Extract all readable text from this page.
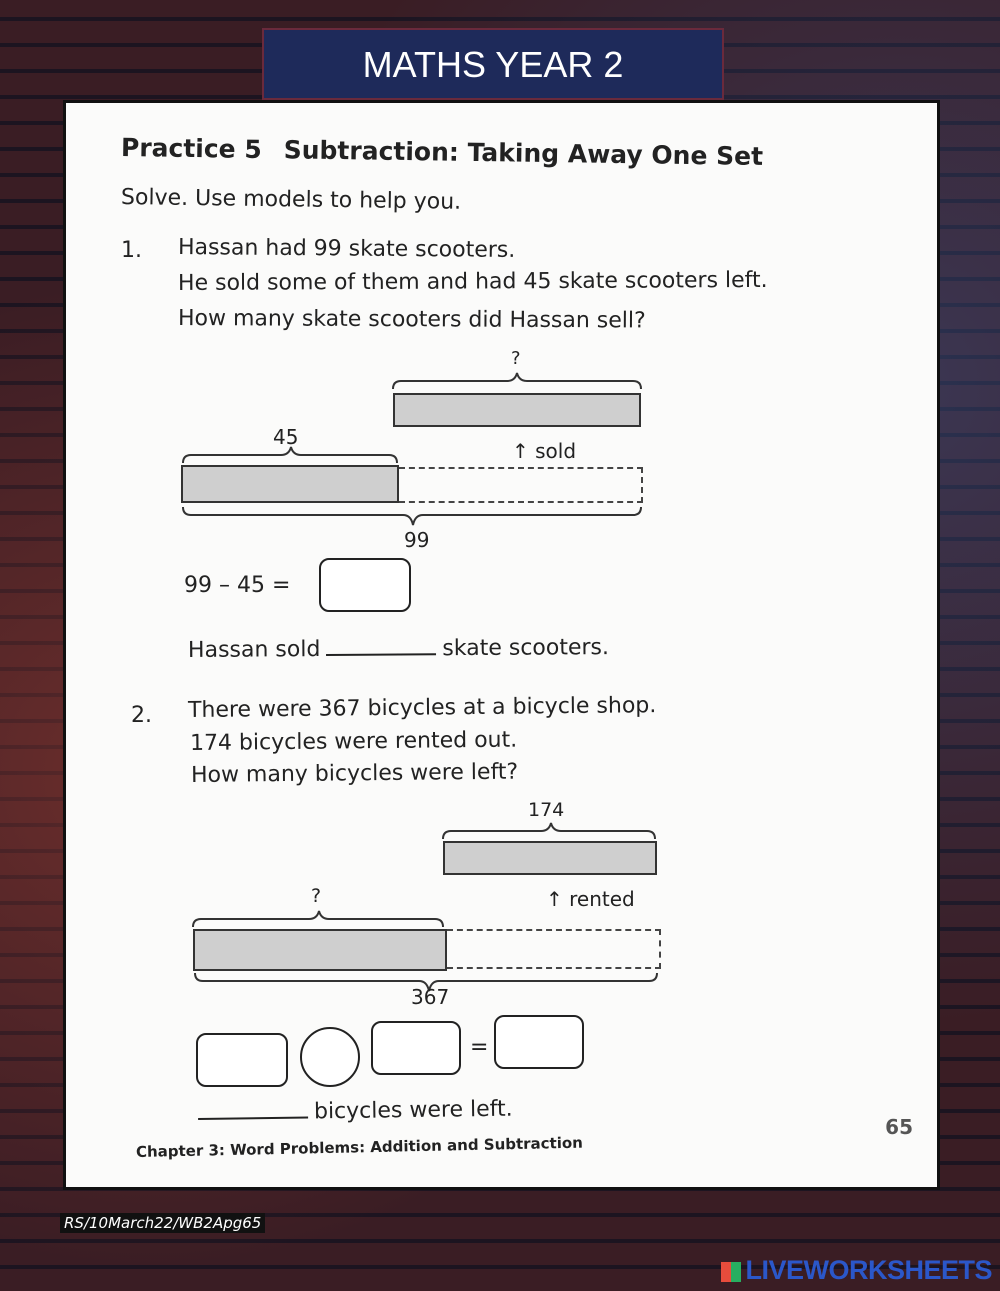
MATHS YEAR 2
Practice 5 Subtraction: Taking Away One Set
Solve. Use models to help you.
1. Hassan had 99 skate scooters.
He sold some of them and had 45 skate scooters left.
How many skate scooters did Hassan sell?
?
45
↑ sold
99
99 – 45 =
Hassan sold	skate scooters.
2. There were 367 bicycles at a bicycle shop.
174 bicycles were rented out.
How many bicycles were left?
174
?	↑ rented
367
=
bicycles were left.
65
Chapter 3: Word Problems: Addition and Subtraction
RS/10March22/WB2Apg65
LIVEWORKSHEETS
